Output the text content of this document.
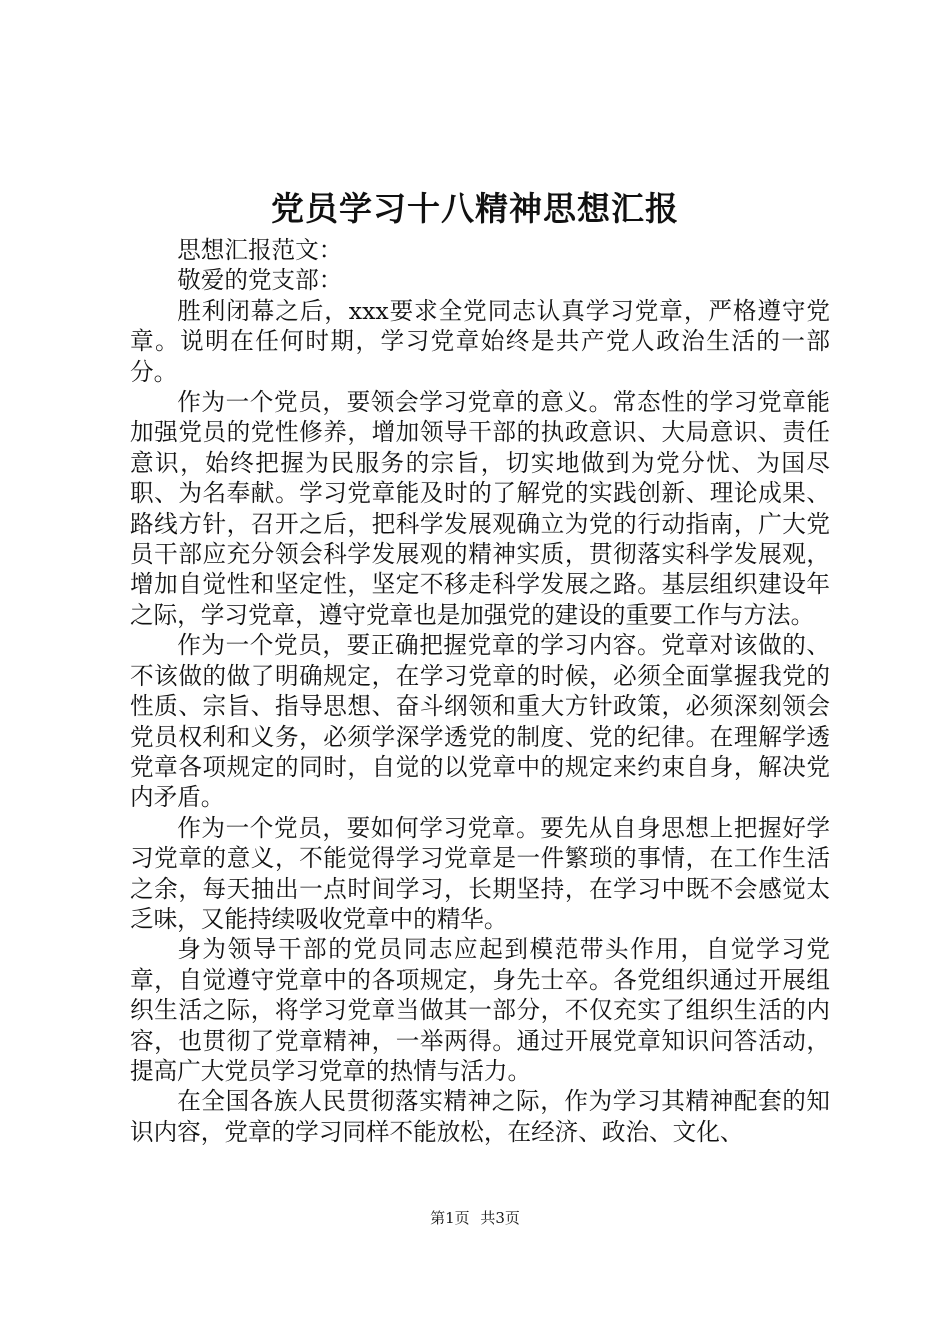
党员学习十八精神思想汇报

思想汇报范文：

敬爱的党支部：

胜利闭幕之后，xxx要求全党同志认真学习党章，严格遵守党章。说明在任何时期，学习党章始终是共产党人政治生活的一部分。

作为一个党员，要领会学习党章的意义。常态性的学习党章能加强党员的党性修养，增加领导干部的执政意识、大局意识、责任意识，始终把握为民服务的宗旨，切实地做到为党分忧、为国尽职、为名奉献。学习党章能及时的了解党的实践创新、理论成果、路线方针，召开之后，把科学发展观确立为党的行动指南，广大党员干部应充分领会科学发展观的精神实质，贯彻落实科学发展观，增加自觉性和坚定性，坚定不移走科学发展之路。基层组织建设年之际，学习党章，遵守党章也是加强党的建设的重要工作与方法。

作为一个党员，要正确把握党章的学习内容。党章对该做的、不该做的做了明确规定，在学习党章的时候，必须全面掌握我党的性质、宗旨、指导思想、奋斗纲领和重大方针政策，必须深刻领会党员权利和义务，必须学深学透党的制度、党的纪律。在理解学透党章各项规定的同时，自觉的以党章中的规定来约束自身，解决党内矛盾。

作为一个党员，要如何学习党章。要先从自身思想上把握好学习党章的意义，不能觉得学习党章是一件繁琐的事情，在工作生活之余，每天抽出一点时间学习，长期坚持，在学习中既不会感觉太乏味，又能持续吸收党章中的精华。

身为领导干部的党员同志应起到模范带头作用，自觉学习党章，自觉遵守党章中的各项规定，身先士卒。各党组织通过开展组织生活之际，将学习党章当做其一部分，不仅充实了组织生活的内容，也贯彻了党章精神，一举两得。通过开展党章知识问答活动，提高广大党员学习党章的热情与活力。

在全国各族人民贯彻落实精神之际，作为学习其精神配套的知识内容，党章的学习同样不能放松，在经济、政治、文化、

第1页 共3页
